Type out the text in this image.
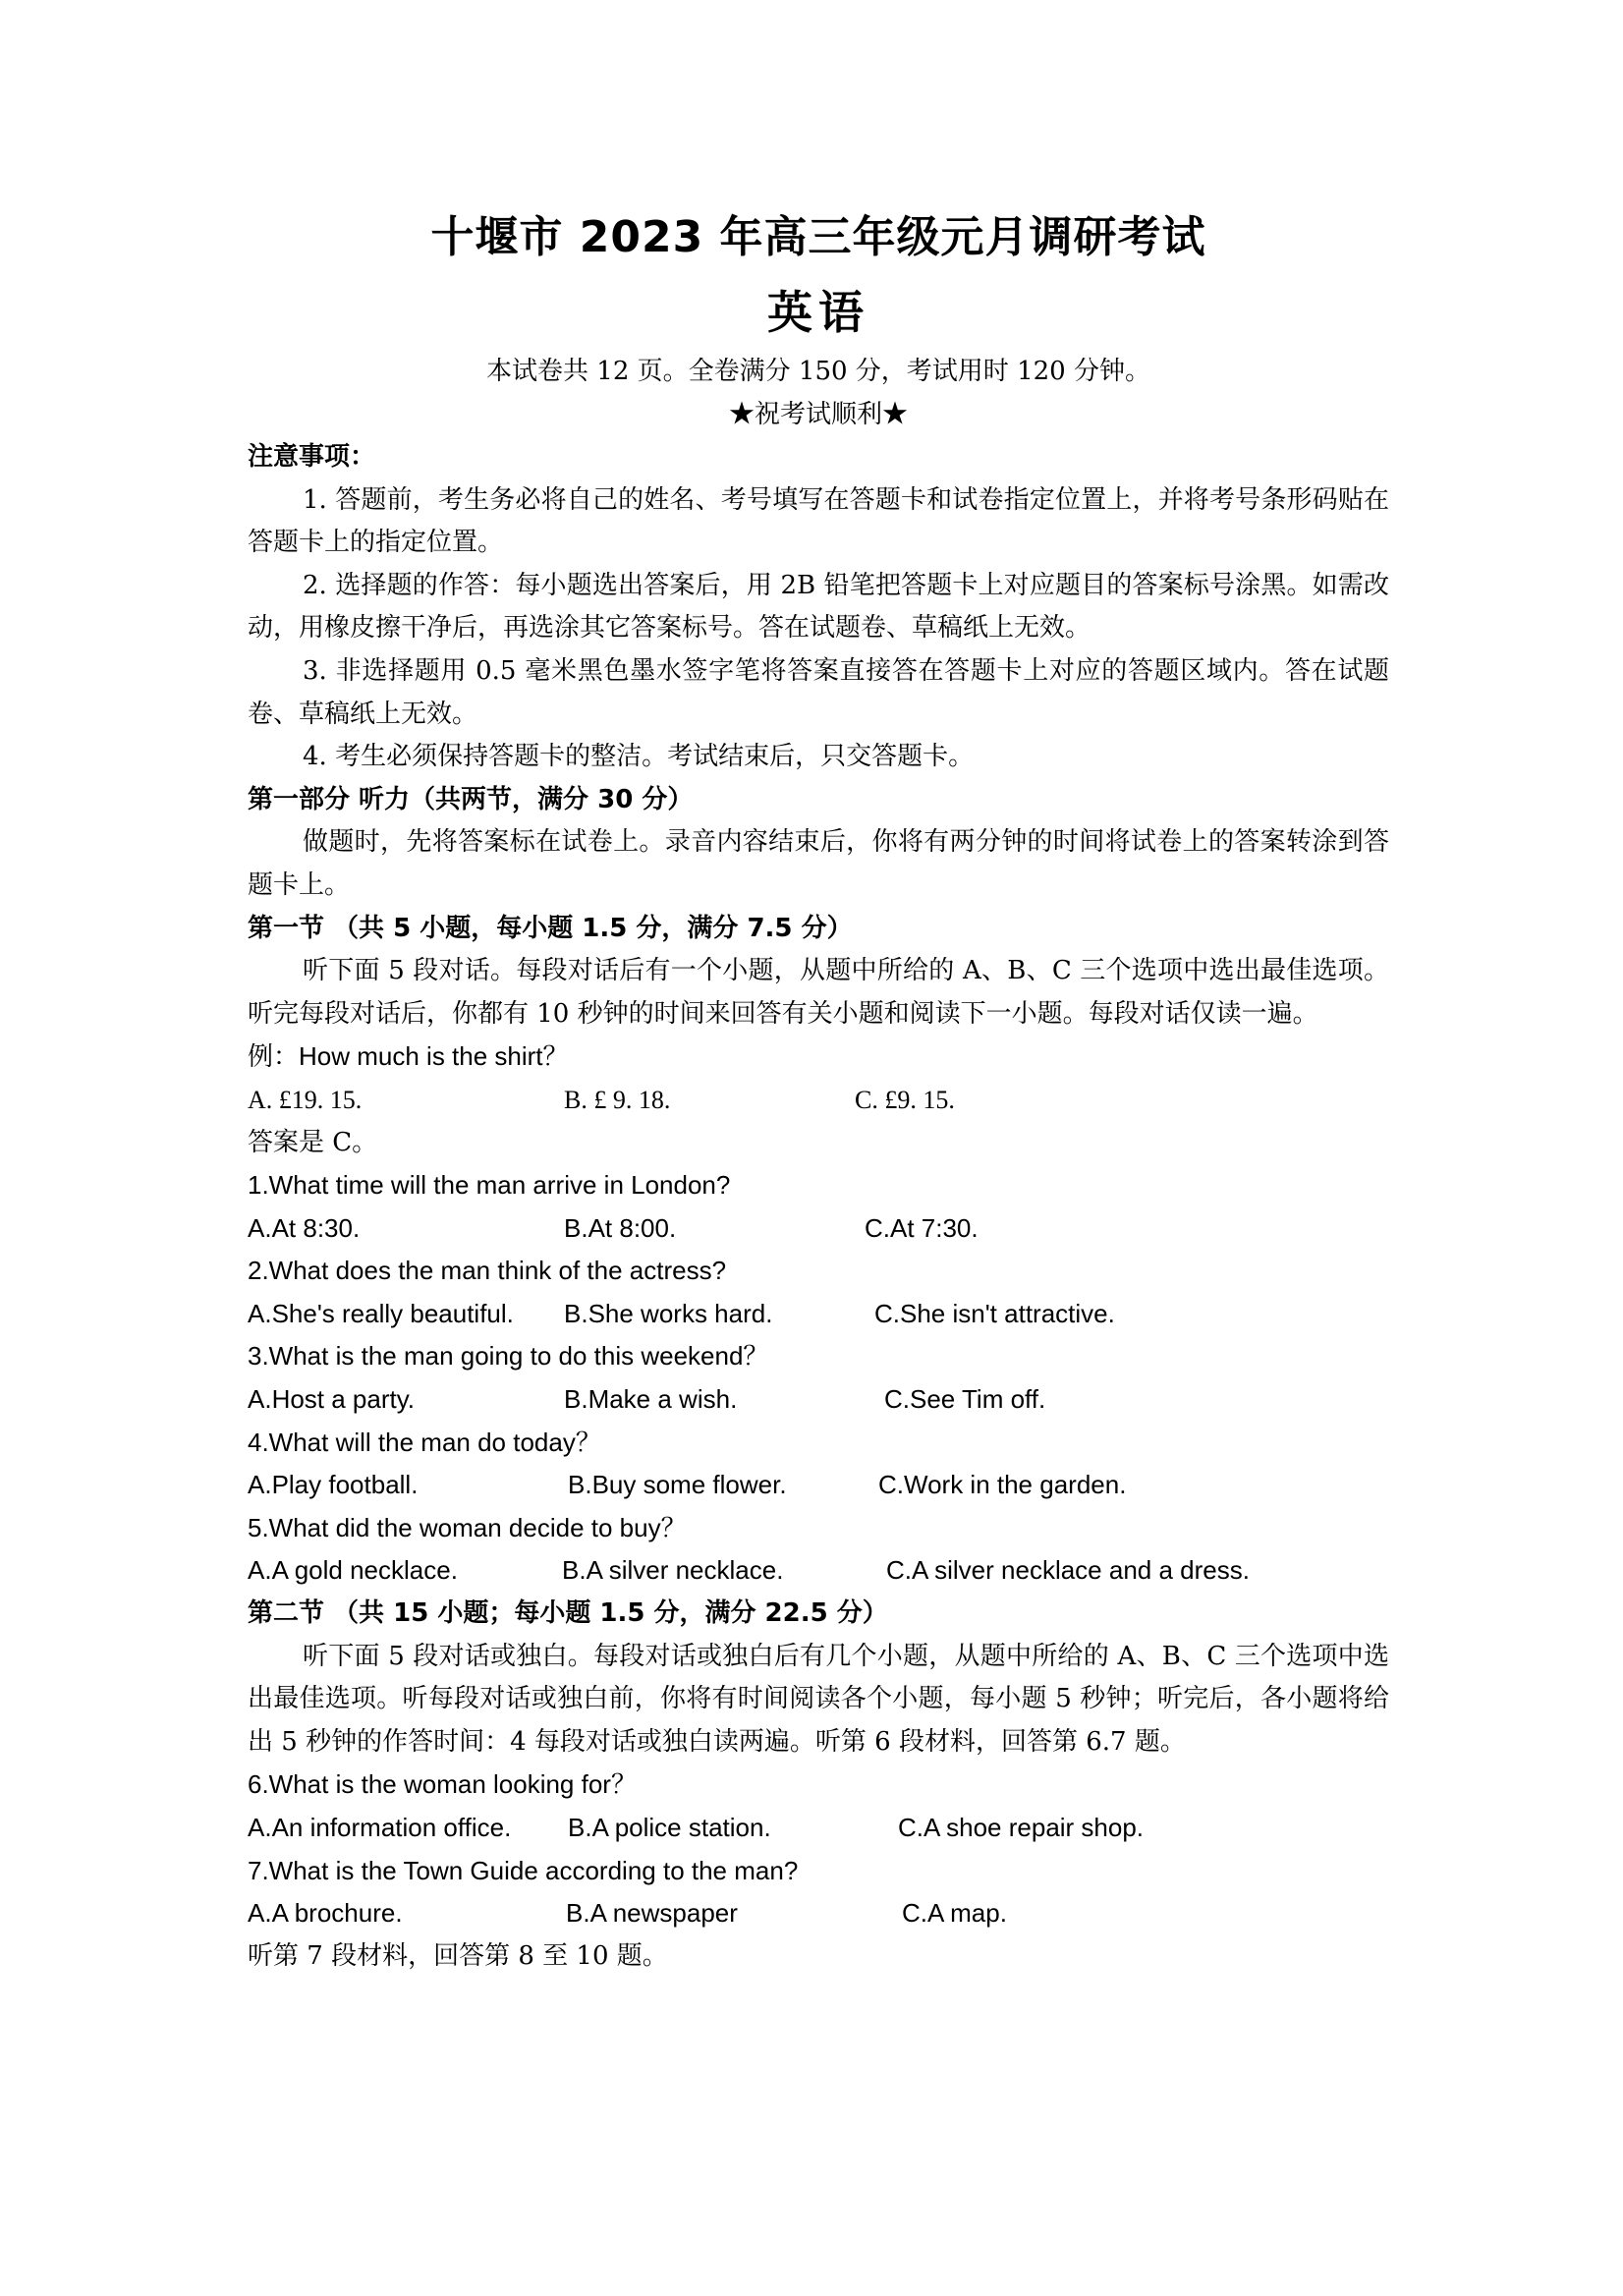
十堰市 2023 年高三年级元月调研考试
英语

本试卷共 12 页。全卷满分 150 分，考试用时 120 分钟。

★祝考试顺利★

注意事项：

1. 答题前，考生务必将自己的姓名、考号填写在答题卡和试卷指定位置上，并将考号条形码贴在答题卡上的指定位置。

2. 选择题的作答：每小题选出答案后，用 2B 铅笔把答题卡上对应题目的答案标号涂黑。如需改动，用橡皮擦干净后，再选涂其它答案标号。答在试题卷、草稿纸上无效。

3. 非选择题用 0.5 毫米黑色墨水签字笔将答案直接答在答题卡上对应的答题区域内。答在试题卷、草稿纸上无效。

4. 考生必须保持答题卡的整洁。考试结束后，只交答题卡。

第一部分 听力（共两节，满分 30 分）

做题时，先将答案标在试卷上。录音内容结束后，你将有两分钟的时间将试卷上的答案转涂到答题卡上。

第一节 （共 5 小题，每小题 1.5 分，满分 7.5 分）

听下面 5 段对话。每段对话后有一个小题，从题中所给的 A、B、C 三个选项中选出最佳选项。听完每段对话后，你都有 10 秒钟的时间来回答有关小题和阅读下一小题。每段对话仅读一遍。

例：How much is the shirt？

A. £19. 15.	B. £ 9. 18.	C. £9. 15.

答案是 C。

1.What time will the man arrive in London?

A.At 8:30.	B.At 8:00.	C.At 7:30.

2.What does the man think of the actress?

A.She's really beautiful.	B.She works hard.	C.She isn't attractive.

3.What is the man going to do this weekend？

A.Host a party.	B.Make a wish.	C.See Tim off.

4.What will the man do today？

A.Play football.	B.Buy some flower.	C.Work in the garden.

5.What did the woman decide to buy？

A.A gold necklace.	B.A silver necklace.	C.A silver necklace and a dress.

第二节 （共 15 小题；每小题 1.5 分，满分 22.5 分）

听下面 5 段对话或独白。每段对话或独白后有几个小题，从题中所给的 A、B、C 三个选项中选出最佳选项。听每段对话或独白前，你将有时间阅读各个小题，每小题 5 秒钟；听完后，各小题将给出 5 秒钟的作答时间：4 每段对话或独白读两遍。听第 6 段材料，回答第 6.7 题。

6.What is the woman looking for？

A.An information office.	B.A police station.	C.A shoe repair shop.

7.What is the Town Guide according to the man?

A.A brochure.	B.A newspaper	C.A map.

听第 7 段材料，回答第 8 至 10 题。
